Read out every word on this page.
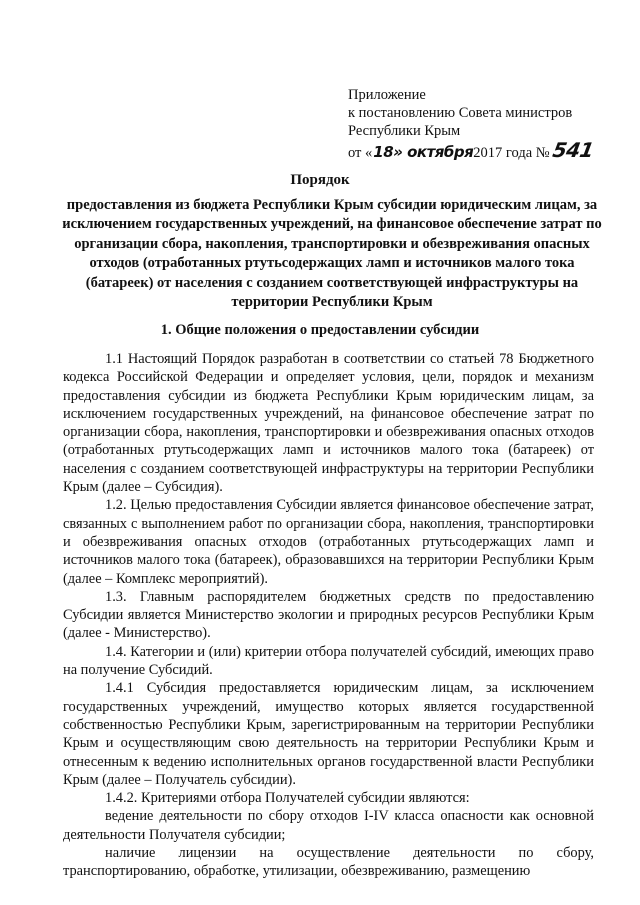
Приложение
к постановлению Совета министров
Республики Крым
от «18» октября2017 года №541
Порядок
предоставления из бюджета Республики Крым субсидии юридическим лицам, за исключением государственных учреждений, на финансовое обеспечение затрат по организации сбора, накопления, транспортировки и обезвреживания опасных отходов (отработанных ртутьсодержащих ламп и источников малого тока (батареек) от населения с созданием соответствующей инфраструктуры на территории Республики Крым
1. Общие положения о предоставлении субсидии

1.1 Настоящий Порядок разработан в соответствии со статьей 78 Бюджетного кодекса Российской Федерации и определяет условия, цели, порядок и механизм предоставления субсидии из бюджета Республики Крым юридическим лицам, за исключением государственных учреждений, на финансовое обеспечение затрат по организации сбора, накопления, транспортировки и обезвреживания опасных отходов (отработанных ртутьсодержащих ламп и источников малого тока (батареек) от населения с созданием соответствующей инфраструктуры на территории Республики Крым (далее – Субсидия).

1.2. Целью предоставления Субсидии является финансовое обеспечение затрат, связанных с выполнением работ по организации сбора, накопления, транспортировки и обезвреживания опасных отходов (отработанных ртутьсодержащих ламп и источников малого тока (батареек), образовавшихся на территории Республики Крым (далее – Комплекс мероприятий).

1.3. Главным распорядителем бюджетных средств по предоставлению Субсидии является Министерство экологии и природных ресурсов Республики Крым (далее - Министерство).

1.4. Категории и (или) критерии отбора получателей субсидий, имеющих право на получение Субсидий.

1.4.1 Субсидия предоставляется юридическим лицам, за исключением государственных учреждений, имущество которых является государственной собственностью Республики Крым, зарегистрированным на территории Республики Крым и осуществляющим свою деятельность на территории Республики Крым и отнесенным к ведению исполнительных органов государственной власти Республики Крым (далее – Получатель субсидии).

1.4.2. Критериями отбора Получателей субсидии являются:

ведение деятельности по сбору отходов I-IV класса опасности как основной деятельности Получателя субсидии;

наличие лицензии на осуществление деятельности по сбору, транспортированию, обработке, утилизации, обезвреживанию, размещению
